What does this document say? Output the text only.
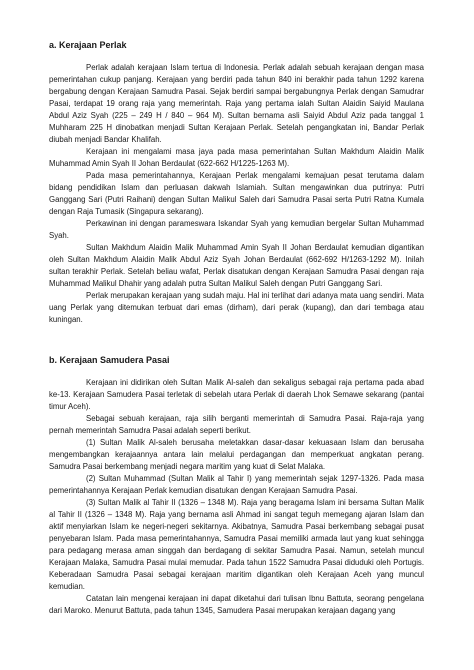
a. Kerajaan Perlak

Perlak adalah kerajaan Islam tertua di Indonesia. Perlak adalah sebuah kerajaan dengan masa pemerintahan cukup panjang. Kerajaan yang berdiri pada tahun 840 ini berakhir pada tahun 1292 karena bergabung dengan Kerajaan Samudra Pasai. Sejak berdiri sampai bergabungnya Perlak dengan Samudrar Pasai, terdapat 19 orang raja yang memerintah. Raja yang pertama ialah Sultan Alaidin Saiyid Maulana Abdul Aziz Syah (225 – 249 H / 840 – 964 M). Sultan bernama asli Saiyid Abdul Aziz pada tanggal 1 Muhharam 225 H dinobatkan menjadi Sultan Kerajaan Perlak. Setelah pengangkatan ini, Bandar Perlak diubah menjadi Bandar Khalifah.

Kerajaan ini mengalami masa jaya pada masa pemerintahan Sultan Makhdum Alaidin Malik Muhammad Amin Syah II Johan Berdaulat (622-662 H/1225-1263 M).

Pada masa pemerintahannya, Kerajaan Perlak mengalami kemajuan pesat terutama dalam bidang pendidikan Islam dan perluasan dakwah Islamiah. Sultan mengawinkan dua putrinya: Putri Ganggang Sari (Putri Raihani) dengan Sultan Malikul Saleh dari Samudra Pasai serta Putri Ratna Kumala dengan Raja Tumasik (Singapura sekarang).

Perkawinan ini dengan parameswara Iskandar Syah yang kemudian bergelar Sultan Muhammad Syah.

Sultan Makhdum Alaidin Malik Muhammad Amin Syah II Johan Berdaulat kemudian digantikan oleh Sultan Makhdum Alaidin Malik Abdul Aziz Syah Johan Berdaulat (662-692 H/1263-1292 M). Inilah sultan terakhir Perlak. Setelah beliau wafat, Perlak disatukan dengan Kerajaan Samudra Pasai dengan raja Muhammad Malikul Dhahir yang adalah putra Sultan Malikul Saleh dengan Putri Ganggang Sari.

Perlak merupakan kerajaan yang sudah maju. Hal ini terlihat dari adanya mata uang sendiri. Mata uang Perlak yang ditemukan terbuat dari emas (dirham), dari perak (kupang), dan dari tembaga atau kuningan.

b. Kerajaan Samudera Pasai

Kerajaan ini didirikan oleh Sultan Malik Al-saleh dan sekaligus sebagai raja pertama pada abad ke-13. Kerajaan Samudera Pasai terletak di sebelah utara Perlak di daerah Lhok Semawe sekarang (pantai timur Aceh).

Sebagai sebuah kerajaan, raja silih berganti memerintah di Samudra Pasai. Raja-raja yang pernah memerintah Samudra Pasai adalah seperti berikut.

(1) Sultan Malik Al-saleh berusaha meletakkan dasar-dasar kekuasaan Islam dan berusaha mengembangkan kerajaannya antara lain melalui perdagangan dan memperkuat angkatan perang. Samudra Pasai berkembang menjadi negara maritim yang kuat di Selat Malaka.

(2) Sultan Muhammad (Sultan Malik al Tahir I) yang memerintah sejak 1297-1326. Pada masa pemerintahannya Kerajaan Perlak kemudian disatukan dengan Kerajaan Samudra Pasai.

(3) Sultan Malik al Tahir II (1326 – 1348 M). Raja yang beragama Islam ini bersama Sultan Malik al Tahir II (1326 – 1348 M). Raja yang bernama asli Ahmad ini sangat teguh memegang ajaran Islam dan aktif menyiarkan Islam ke negeri-negeri sekitarnya. Akibatnya, Samudra Pasai berkembang sebagai pusat penyebaran Islam. Pada masa pemerintahannya, Samudra Pasai memiliki armada laut yang kuat sehingga para pedagang merasa aman singgah dan berdagang di sekitar Samudra Pasai. Namun, setelah muncul Kerajaan Malaka, Samudra Pasai mulai memudar. Pada tahun 1522 Samudra Pasai diduduki oleh Portugis. Keberadaan Samudra Pasai sebagai kerajaan maritim digantikan oleh Kerajaan Aceh yang muncul kemudian.

Catatan lain mengenai kerajaan ini dapat diketahui dari tulisan Ibnu Battuta, seorang pengelana dari Maroko. Menurut Battuta, pada tahun 1345, Samudera Pasai merupakan kerajaan dagang yang
